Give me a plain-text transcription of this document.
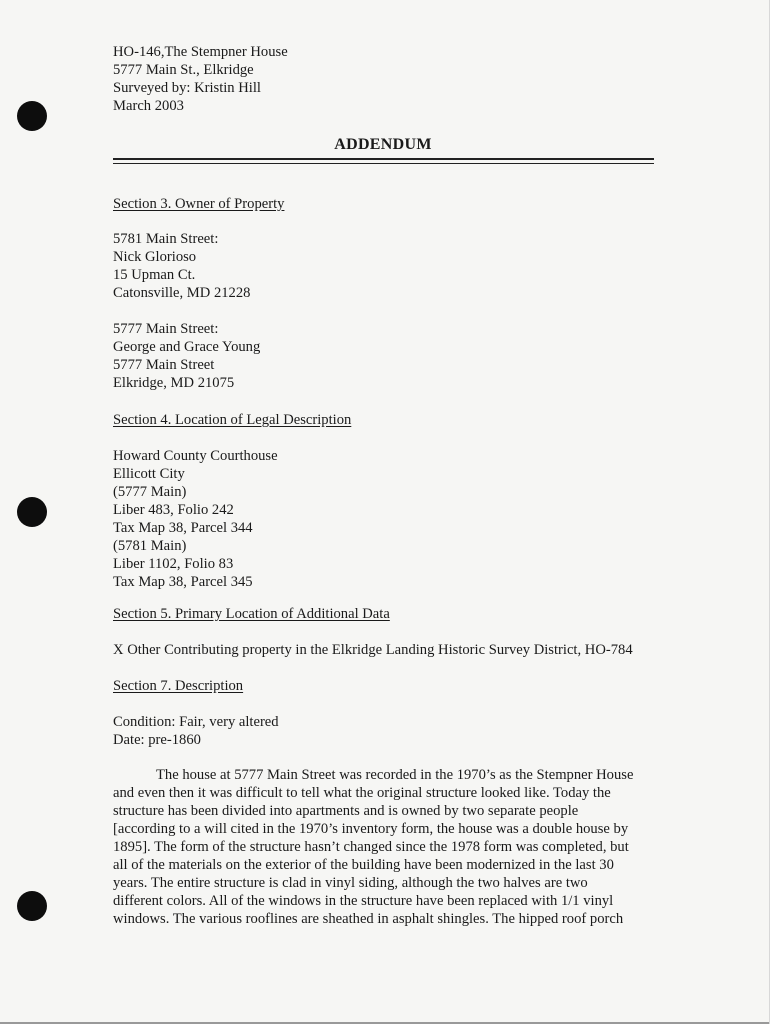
HO-146,The Stempner House
5777 Main St., Elkridge
Surveyed by: Kristin Hill
March 2003
ADDENDUM
Section 3. Owner of Property
5781 Main Street:
Nick Glorioso
15 Upman Ct.
Catonsville, MD 21228
5777 Main Street:
George and Grace Young
5777 Main Street
Elkridge, MD 21075
Section 4. Location of Legal Description
Howard County Courthouse
Ellicott City
(5777 Main)
Liber 483, Folio 242
Tax Map 38, Parcel 344
(5781 Main)
Liber 1102, Folio 83
Tax Map 38, Parcel 345
Section 5. Primary Location of Additional Data
X Other Contributing property in the Elkridge Landing Historic Survey District, HO-784
Section 7. Description
Condition: Fair, very altered
Date: pre-1860
The house at 5777 Main Street was recorded in the 1970’s as the Stempner House
and even then it was difficult to tell what the original structure looked like. Today the
structure has been divided into apartments and is owned by two separate people
[according to a will cited in the 1970’s inventory form, the house was a double house by
1895]. The form of the structure hasn’t changed since the 1978 form was completed, but
all of the materials on the exterior of the building have been modernized in the last 30
years. The entire structure is clad in vinyl siding, although the two halves are two
different colors. All of the windows in the structure have been replaced with 1/1 vinyl
windows. The various rooflines are sheathed in asphalt shingles. The hipped roof porch
